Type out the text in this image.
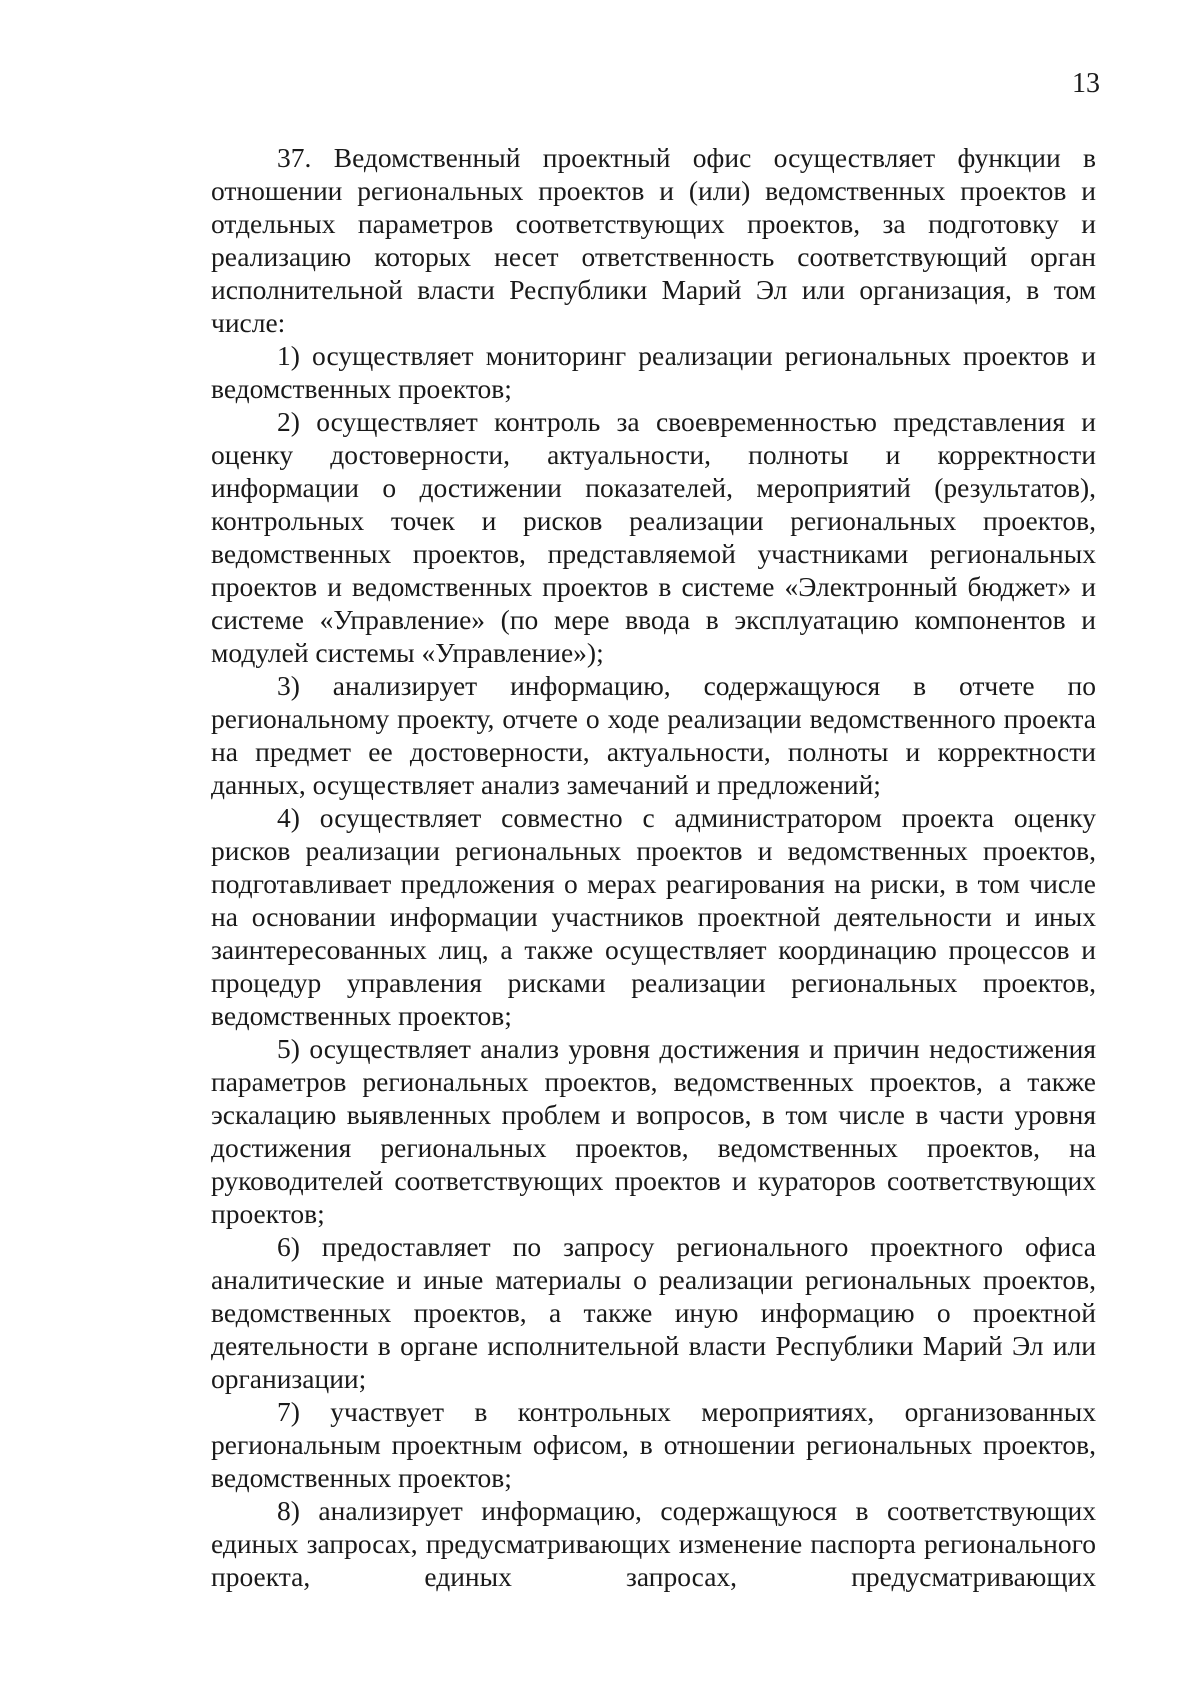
13

37. Ведомственный проектный офис осуществляет функции в отношении региональных проектов и (или) ведомственных проектов и отдельных параметров соответствующих проектов, за подготовку и реализацию которых несет ответственность соответствующий орган исполнительной власти Республики Марий Эл или организация, в том числе:

1) осуществляет мониторинг реализации региональных проектов и ведомственных проектов;

2) осуществляет контроль за своевременностью представления и оценку достоверности, актуальности, полноты и корректности информации о достижении показателей, мероприятий (результатов), контрольных точек и рисков реализации региональных проектов, ведомственных проектов, представляемой участниками региональных проектов и ведомственных проектов в системе «Электронный бюджет» и системе «Управление» (по мере ввода в эксплуатацию компонентов и модулей системы «Управление»);

3) анализирует информацию, содержащуюся в отчете по региональному проекту, отчете о ходе реализации ведомственного проекта на предмет ее достоверности, актуальности, полноты и корректности данных, осуществляет анализ замечаний и предложений;

4) осуществляет совместно с администратором проекта оценку рисков реализации региональных проектов и ведомственных проектов, подготавливает предложения о мерах реагирования на риски, в том числе на основании информации участников проектной деятельности и иных заинтересованных лиц, а также осуществляет координацию процессов и процедур управления рисками реализации региональных проектов, ведомственных проектов;

5) осуществляет анализ уровня достижения и причин недостижения параметров региональных проектов, ведомственных проектов, а также эскалацию выявленных проблем и вопросов, в том числе в части уровня достижения региональных проектов, ведомственных проектов, на руководителей соответствующих проектов и кураторов соответствующих проектов;

6) предоставляет по запросу регионального проектного офиса аналитические и иные материалы о реализации региональных проектов, ведомственных проектов, а также иную информацию о проектной деятельности в органе исполнительной власти Республики Марий Эл или организации;

7) участвует в контрольных мероприятиях, организованных региональным проектным офисом, в отношении региональных проектов, ведомственных проектов;

8) анализирует информацию, содержащуюся в соответствующих единых запросах, предусматривающих изменение паспорта регионального проекта, единых запросах, предусматривающих
